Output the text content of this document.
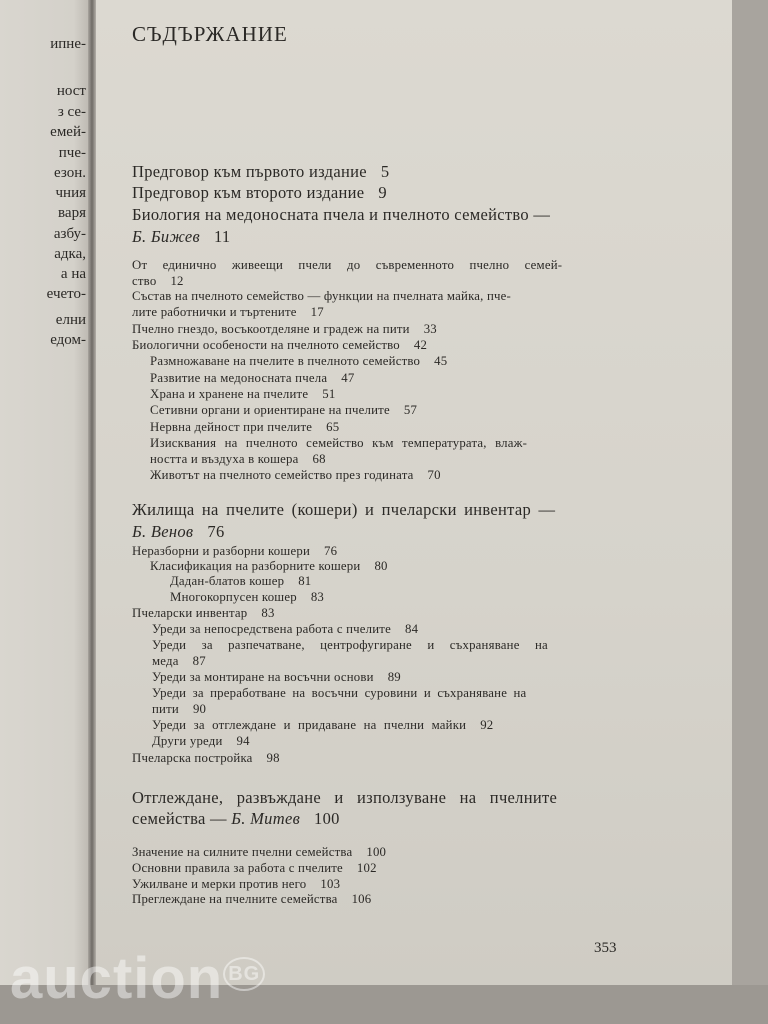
ипне-
ност
з се-
емей-
пче-
езон.
чния
варя
азбу-
адка,
а на
ечето-
елни
едом-
СЪДЪРЖАНИЕ
Предговор към първото издание 5
Предговор към второто издание 9
Биология на медоносната пчела и пчелното семейство —
Б. Бижев 11
От единично живеещи пчели до съвременното пчелно семей-
ство 12
Състав на пчелното семейство — функции на пчелната майка, пче-
лите работнички и търтените 17
Пчелно гнездо, восъкоотделяне и градеж на пити 33
Биологични особености на пчелното семейство 42
Размножаване на пчелите в пчелното семейство 45
Развитие на медоносната пчела 47
Храна и хранене на пчелите 51
Сетивни органи и ориентиране на пчелите 57
Нервна дейност при пчелите 65
Изисквания на пчелното семейство към температурата, влаж-
ността и въздуха в кошера 68
Животът на пчелното семейство през годината 70
Жилища на пчелите (кошери) и пчеларски инвентар —
Б. Венов 76
Неразборни и разборни кошери 76
Класификация на разборните кошери 80
Дадан-блатов кошер 81
Многокорпусен кошер 83
Пчеларски инвентар 83
Уреди за непосредствена работа с пчелите 84
Уреди за разпечатване, центрофугиране и съхраняване на
меда 87
Уреди за монтиране на восъчни основи 89
Уреди за преработване на восъчни суровини и съхраняване на
пити 90
Уреди за отглеждане и придаване на пчелни майки 92
Други уреди 94
Пчеларска постройка 98
Отглеждане, развъждане и използуване на пчелните
семейства — Б. Митев 100
Значение на силните пчелни семейства 100
Основни правила за работа с пчелите 102
Ужилване и мерки против него 103
Преглеждане на пчелните семейства 106
353
auction $^{BG}$
